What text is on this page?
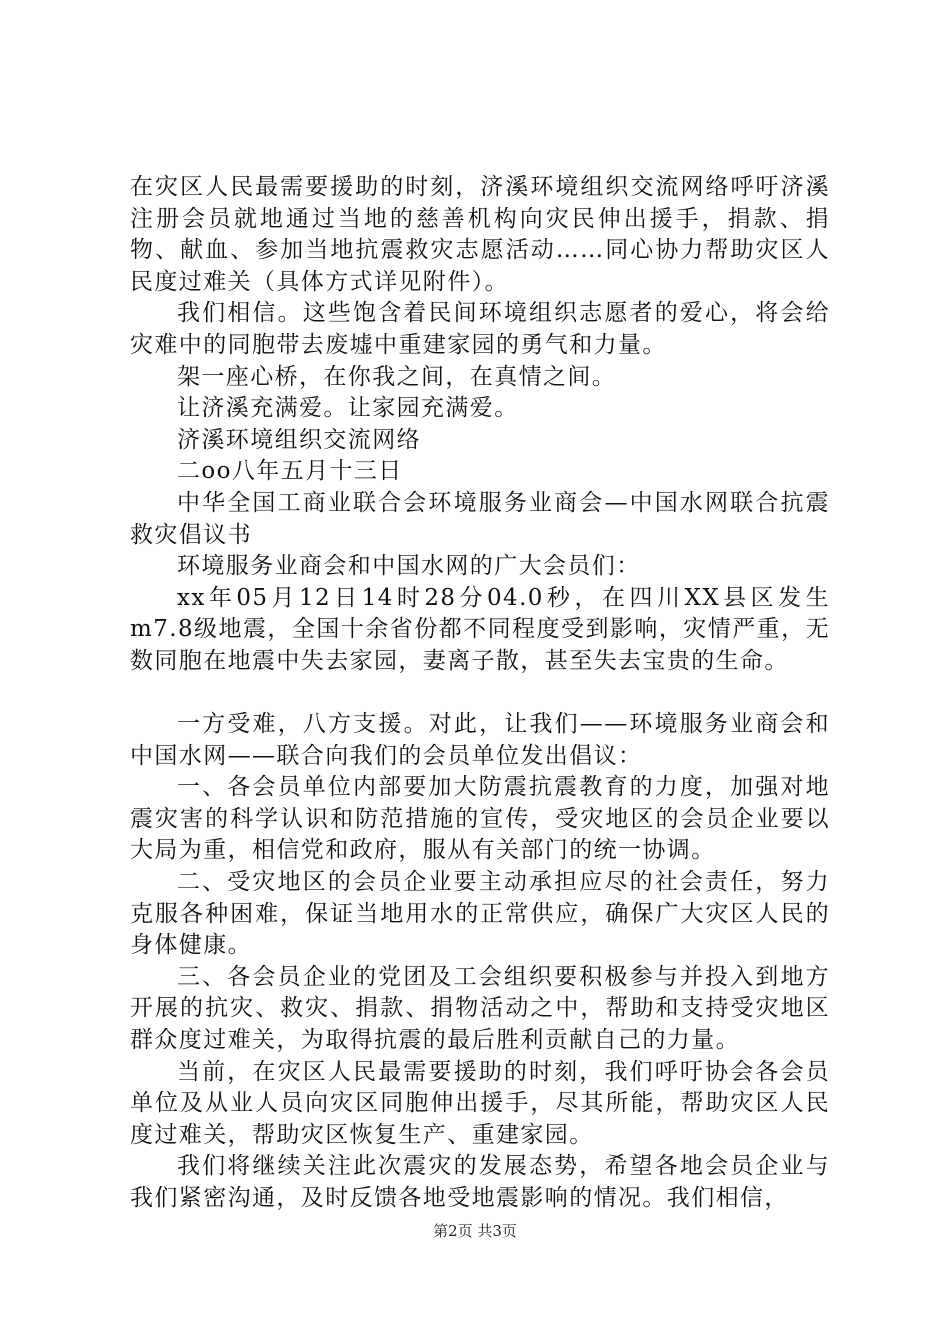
在灾区人民最需要援助的时刻，济溪环境组织交流网络呼吁济溪注册会员就地通过当地的慈善机构向灾民伸出援手，捐款、捐物、献血、参加当地抗震救灾志愿活动……同心协力帮助灾区人民度过难关（具体方式详见附件）。

我们相信。这些饱含着民间环境组织志愿者的爱心，将会给灾难中的同胞带去废墟中重建家园的勇气和力量。

架一座心桥，在你我之间，在真情之间。

让济溪充满爱。让家园充满爱。

济溪环境组织交流网络

二oo八年五月十三日

中华全国工商业联合会环境服务业商会—中国水网联合抗震救灾倡议书

环境服务业商会和中国水网的广大会员们：

xx年05月12日14时28分04.0秒，在四川XX县区发生m7.8级地震，全国十余省份都不同程度受到影响，灾情严重，无数同胞在地震中失去家园，妻离子散，甚至失去宝贵的生命。

一方受难，八方支援。对此，让我们——环境服务业商会和中国水网——联合向我们的会员单位发出倡议：

一、各会员单位内部要加大防震抗震教育的力度，加强对地震灾害的科学认识和防范措施的宣传，受灾地区的会员企业要以大局为重，相信党和政府，服从有关部门的统一协调。

二、受灾地区的会员企业要主动承担应尽的社会责任，努力克服各种困难，保证当地用水的正常供应，确保广大灾区人民的身体健康。

三、各会员企业的党团及工会组织要积极参与并投入到地方开展的抗灾、救灾、捐款、捐物活动之中，帮助和支持受灾地区群众度过难关，为取得抗震的最后胜利贡献自己的力量。

当前，在灾区人民最需要援助的时刻，我们呼吁协会各会员单位及从业人员向灾区同胞伸出援手，尽其所能，帮助灾区人民度过难关，帮助灾区恢复生产、重建家园。

我们将继续关注此次震灾的发展态势，希望各地会员企业与我们紧密沟通，及时反馈各地受地震影响的情况。我们相信，

第2页 共3页
